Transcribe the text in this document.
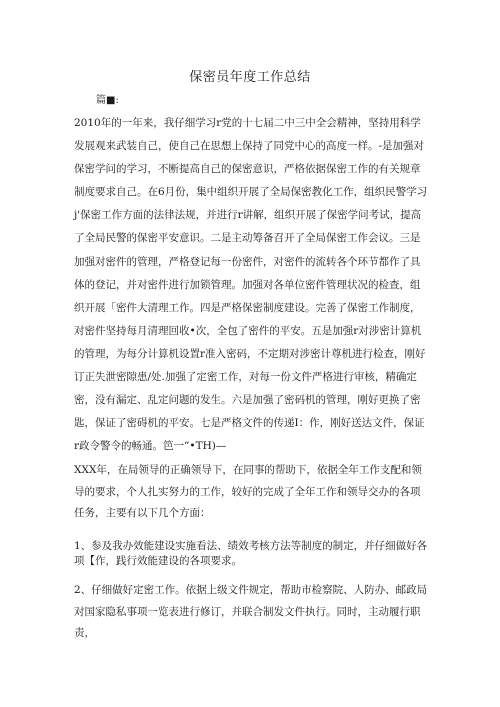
保密员年度工作总结
篇■:
2010年的一年来，我仔细学习r党的十七届二中三中全会精神，坚持用科学发展观来武装自己，使自己在思想上保持了同党中心的高度一样。-是加强对保密学问的学习，不断提高自己的保密意识，严格依据保密工作的有关规章制度要求自己。在6月份，集中组织开展了全局保密教化工作，组织民警学习j'保密工作方面的法律法规，并进行r讲解，组织开展了保密学问考试，提高了全局民警的保密平安意识。二是主动筹备召开了全局保密工作会议。三是加强对密件的管理，严格登记每一份密件，对密件的流转各个环节都作了具体的登记，并对密件进行加锁管理。加强对各单位密件管理状况的检查，组织开展「密件大清理工作。四是严格保密制度建设。完善了保密工作制度，对密件坚持每月清理回收•次，全包了密件的平安。五是加强r对涉密计算机的管理，为每分计算机设置r准入密码，不定期对涉密计尊机进行检查，刚好订正失泄密隙患/处.加强了定密工作，对每一份文件严格进行审核，精确定密，没有漏定、乱定问题的发生。六是加强了密码机的管理，刚好更换了密匙，保证了密碍机的平安。七是严格文件的传递I：作，刚好送达文件，保证r政令警令的畅通。笆一”•TH)—
XXX年，在局领导的正确领导下，在同事的帮助下，依据全年工作支配和领导的要求，个人扎实努力的工作，较好的完成了全年工作和领导交办的各项任务，主要有以下几个方面：
1、参及我办效能建设实施看法、绩效考核方法等制度的制定，并仔细做好各项【作，践行效能建设的各项要求。
2、仔细做好定密工作。依据上级文件规定，帮助市检察院、人防办、邮政局对国家隐私事项一览表进行修订，并联合制发文件执行。同时，主动履行职责，
